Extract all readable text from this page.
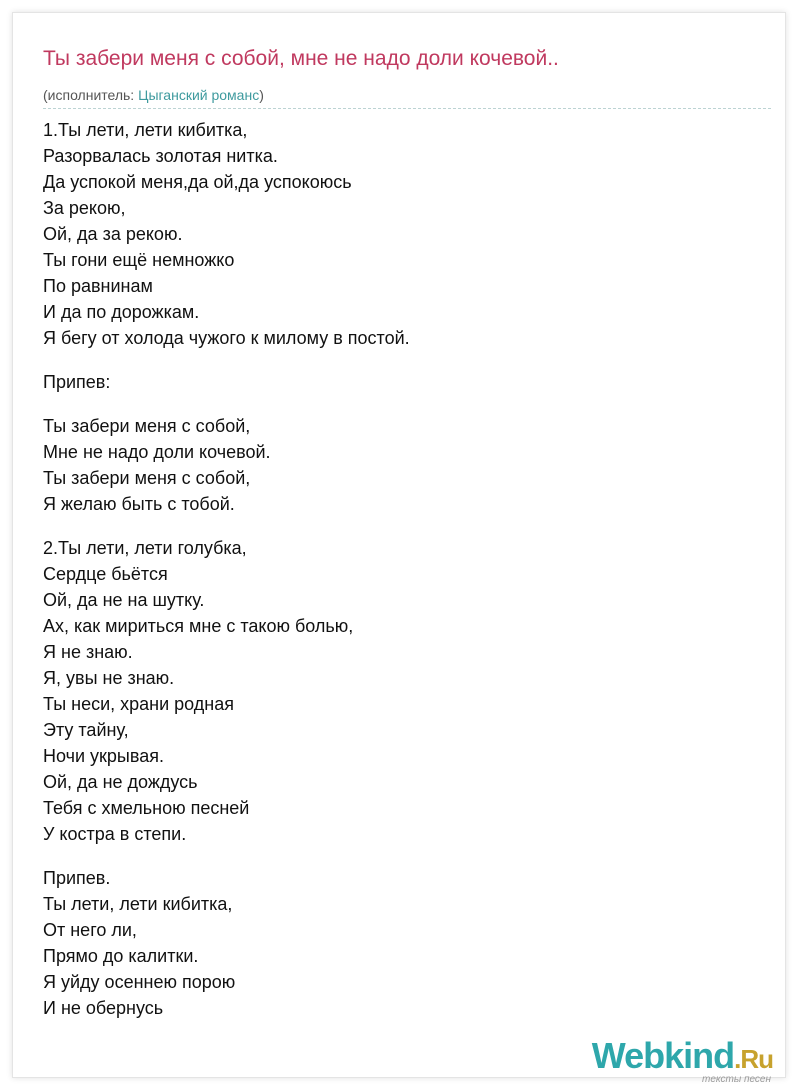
Ты забери меня с собой, мне не надо доли кочевой..
(исполнитель: Цыганский романс)
1.Ты лети, лети кибитка,
Разорвалась золотая нитка.
Да успокой меня,да ой,да успокоюсь
За рекою,
Ой, да за рекою.
Ты гони ещё немножко
По равнинам
И да по дорожкам.
Я бегу от холода чужого к милому в постой.
Припев:
Ты забери меня с собой,
Мне не надо доли кочевой.
Ты забери меня с собой,
Я желаю быть с тобой.
2.Ты лети, лети голубка,
Сердце бьётся
Ой, да не на шутку.
Ах, как мириться мне с такою болью,
Я не знаю.
Я, увы не знаю.
Ты неси, храни родная
Эту тайну,
Ночи укрывая.
Ой, да не дождусь
Тебя с хмельною песней
У костра в степи.
Припев.
Ты лети, лети кибитка,
От него ли,
Прямо до калитки.
Я уйду осеннею порою
И не обернусь
Webkind.Ru
тексты песен
